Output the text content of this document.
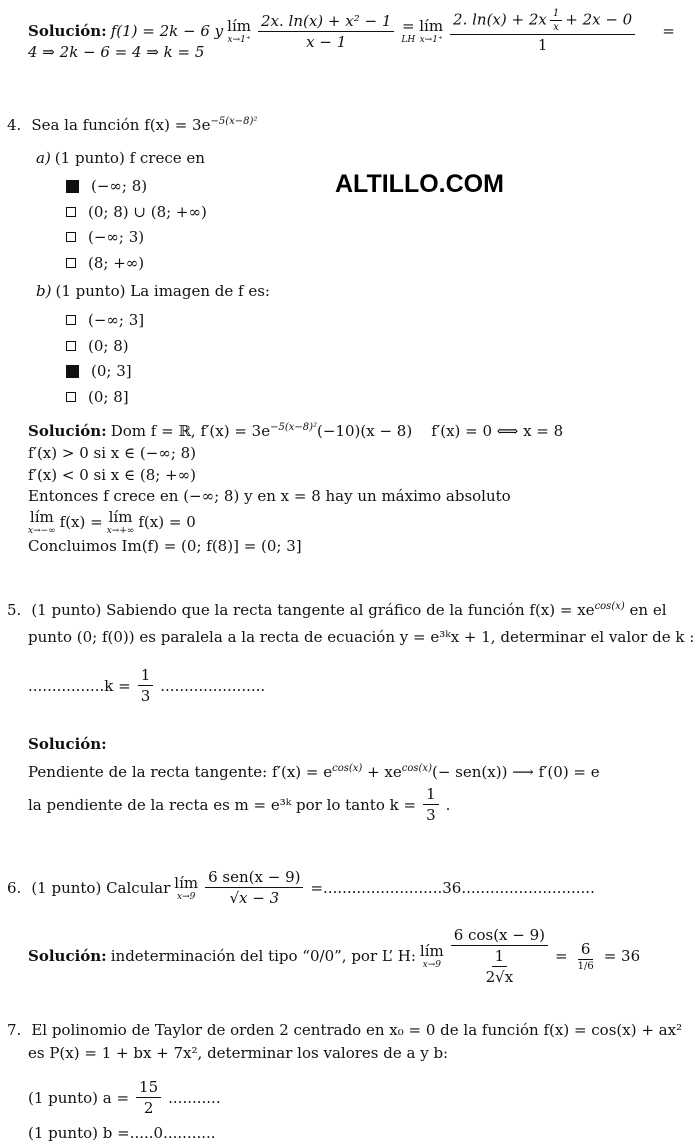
ALTILLO.COM
Solución: f(1) = 2k − 6 y lím
$x\to 1^+ \frac{\text{2x. ln(x) + x² − 1}}{x - 1}$ =
LH
lím
$x\to 1^+ \frac{2. \ln(x) + 2x \frac{1}{x} + 2x - 0}{1}$ =
4 ⇒ 2k − 6 = 4 ⇒ k = 5
4. Sea la función $f(x) = 3e^{-5(x-8)^2}$
a) (1 punto) f crece en
(−∞; 8)
(0; 8) ∪ (8; +∞)
(−∞; 3)
(8; +∞)
b) (1 punto) La imagen de f es:
(−∞; 3]
(0; 8)
(0; 3]
(0; 8]
Solución: Dom f = ℝ, $f'(x) = 3e^{-5(x-8)^2}(-10)(x - 8)$    f′(x) = 0 ⟺ x = 8
f′(x) > 0 si x ∈ (−∞; 8)
f′(x) < 0 si x ∈ (8; +∞)
Entonces f crece en (−∞; 8) y en x = 8 hay un máximo absoluto
lím
x→−∞ f(x) = lím
x→+∞ f(x) = 0
Concluimos Im(f) = (0; f(8)] = (0; 3]
5. (1 punto) Sabiendo que la recta tangente al gráfico de la función $f(x) = xe^{cos(x)}$ en el
punto (0; f(0)) es paralela a la recta de ecuación y = e³ᵏx + 1, determinar el valor de k :
$................k = \frac{1}{3}$ ......................
Solución:
Pendiente de la recta tangente: $f'(x) = e^{cos(x)} + xe^{cos(x)}(- sen(x))$ ⟶ f′(0) = e
la pendiente de la recta es m = e³ᵏ por lo tanto $k = \frac{1}{3}$ .
6. (1 punto) Calcular lím
x→9
6 sen(x − 9)
√x − 3
=.........................36............................
Solución: indeterminación del tipo “0/0”, por L’ H: lím
$x\to 9 \frac{6 \cos(x - 9)}{\frac{1}{2√x}} = 6$
1/6
= 36
7. El polinomio de Taylor de orden 2 centrado en x₀ = 0 de la función f(x) = cos(x) + ax²
es P(x) = 1 + bx + 7x², determinar los valores de a y b:
(1 punto) $a = \frac{15}{2}$ ...........
(1 punto) b =.....0...........
